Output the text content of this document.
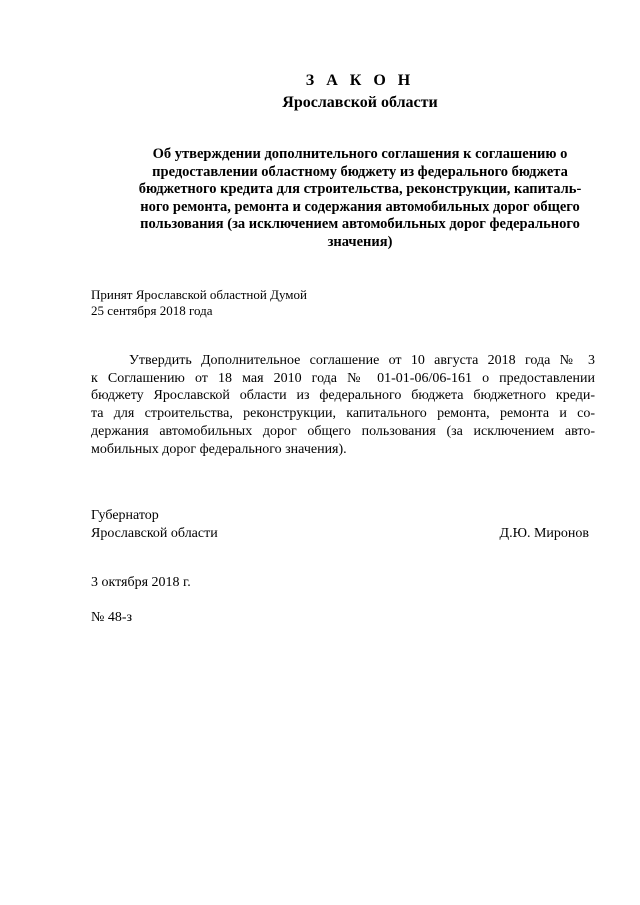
З А К О Н
Ярославской области
Об утверждении дополнительного соглашения к соглашению о
предоставлении областному бюджету из федерального бюджета
бюджетного кредита для строительства, реконструкции, капиталь-
ного ремонта, ремонта и содержания автомобильных дорог общего
пользования (за исключением автомобильных дорог федерального
значения)
Принят Ярославской областной Думой
25 сентября 2018 года
Утвердить Дополнительное соглашение от 10 августа 2018 года № 3
к Соглашению от 18 мая 2010 года № 01-01-06/06-161 о предоставлении
бюджету Ярославской области из федерального бюджета бюджетного креди-
та для строительства, реконструкции, капитального ремонта, ремонта и со-
держания автомобильных дорог общего пользования (за исключением авто-
мобильных дорог федерального значения).
Губернатор
Ярославской области	Д.Ю. Миронов
3 октября 2018 г.
№ 48-з
